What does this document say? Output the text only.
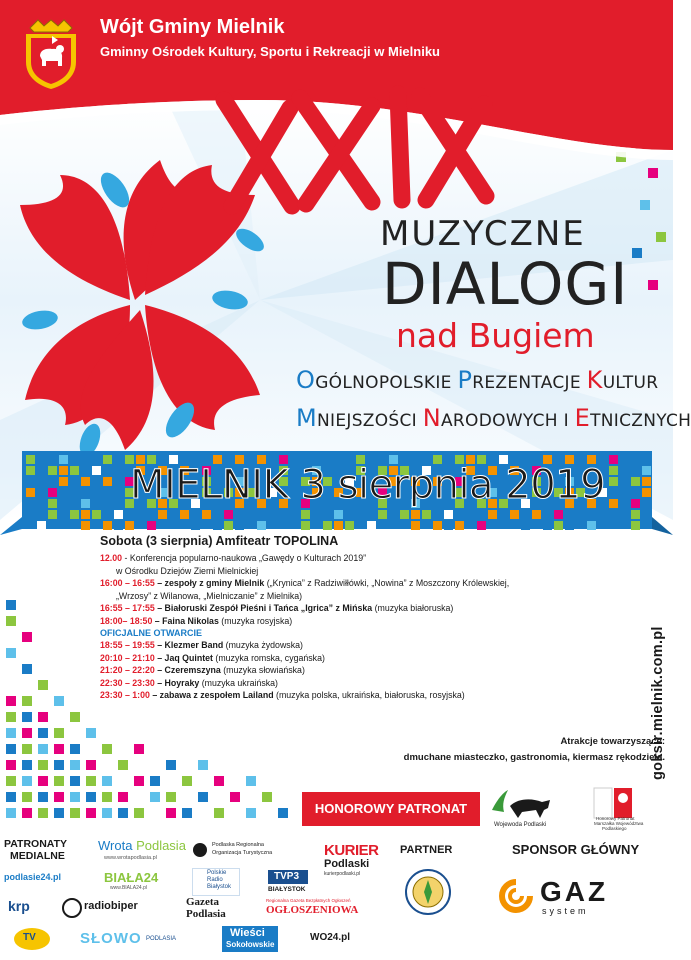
Wójt Gminy Mielnik
Gminny Ośrodek Kultury, Sportu i Rekreacji w Mielniku
MUZYCZNE
DIALOGI
nad Bugiem
OGÓLNOPOLSKIE PREZENTACJE KULTUR
MNIEJSZOŚCI NARODOWYCH I ETNICZNYCH
MIELNIK 3 sierpnia 2019
Sobota (3 sierpnia) Amfiteatr TOPOLINA
12.00 - Konferencja popularno-naukowa „Gawędy o Kulturach 2019”
w Ośrodku Dziejów Ziemi Mielnickiej
16:00 – 16:55 – zespoły z gminy Mielnik („Krynica” z Radziwiłłówki, „Nowina” z Moszczony Królewskiej,
„Wrzosy” z Wilanowa, „Mielniczanie” z Mielnika)
16:55 – 17:55 – Białoruski Zespół Pieśni i Tańca „Igrica” z Mińska (muzyka białoruska)
18:00– 18:50 – Faina Nikolas (muzyka rosyjska)
OFICJALNE OTWARCIE
18:55 – 19:55 – Klezmer Band (muzyka żydowska)
20:10 – 21:10 – Jaq Quintet (muzyka romska, cygańska)
21:20 – 22:20 – Czeremszyna (muzyka słowiańska)
22:30 – 23:30 – Hoyraky (muzyka ukraińska)
23:30 – 1:00 – zabawa z zespołem Lailand (muzyka polska, ukraińska, białoruska, rosyjska)	goksir.mielnik.com.pl
Atrakcje towarzyszące:
dmuchane miasteczko, gastronomia, kiermasz rękodzieła.
HONOROWY PATRONAT
Wojewoda Podlaski
Honorowy Patronat
Marszałka Województwa
Podlaskiego
PATRONATY
MEDIALNE
Wrota Podlasia
www.wrotapodlasia.pl
Podlaska Regionalna
Organizacja Turystyczna	KURIER
Podlaski
kurierpodlaski.pl
PARTNER	SPONSOR GŁÓWNY
podlasie24.pl	BIAŁA24
www.BIALA24.pl
Polskie
Radio
Białystok
TVP3
BIAŁYSTOK	GAZ
system
krp	radiobiper	Gazeta
Podlasia
Regionalna Gazeta Bezpłatnych Ogłoszeń
OGŁOSZENIOWA
TV	SŁOWO PODLASIA	Wieści
Sokołowskie
WO24.pl
